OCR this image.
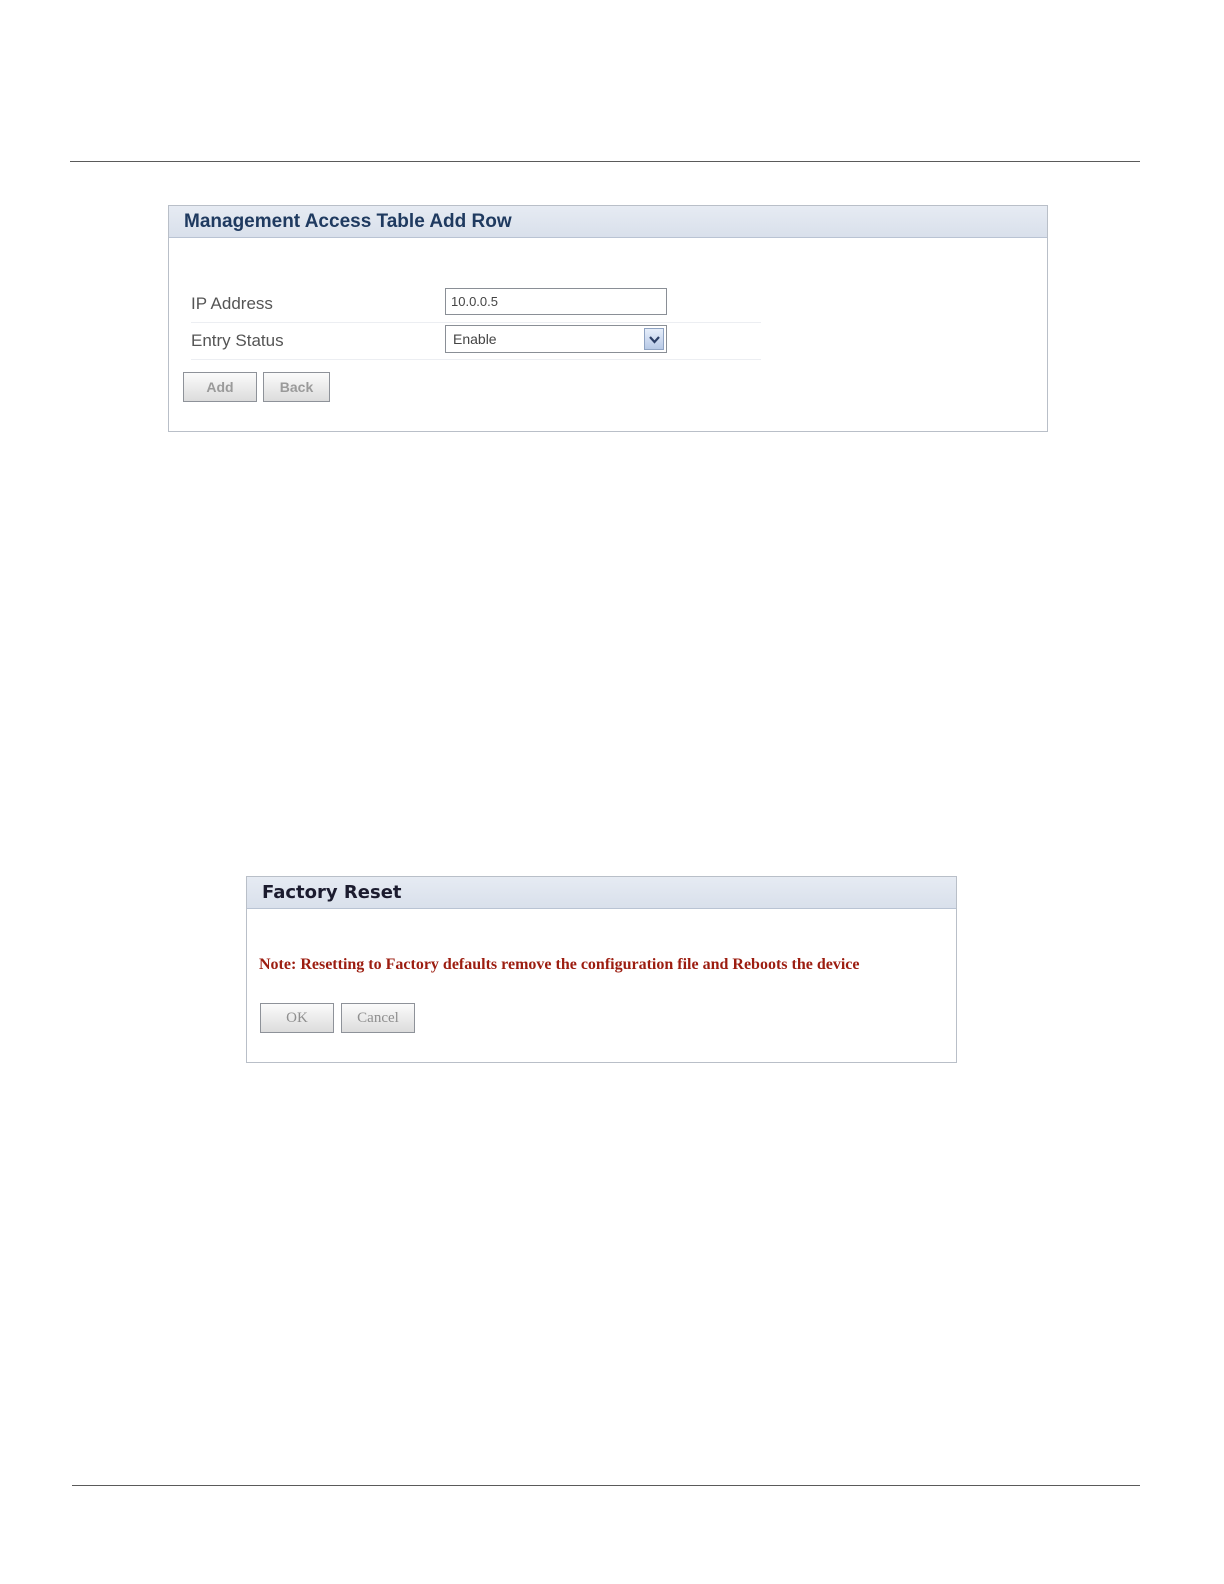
Management Access Table Add Row
IP Address	10.0.0.5
Entry Status	Enable
Add	Back
Factory Reset
Note: Resetting to Factory defaults remove the configuration file and Reboots the device
OK	Cancel
